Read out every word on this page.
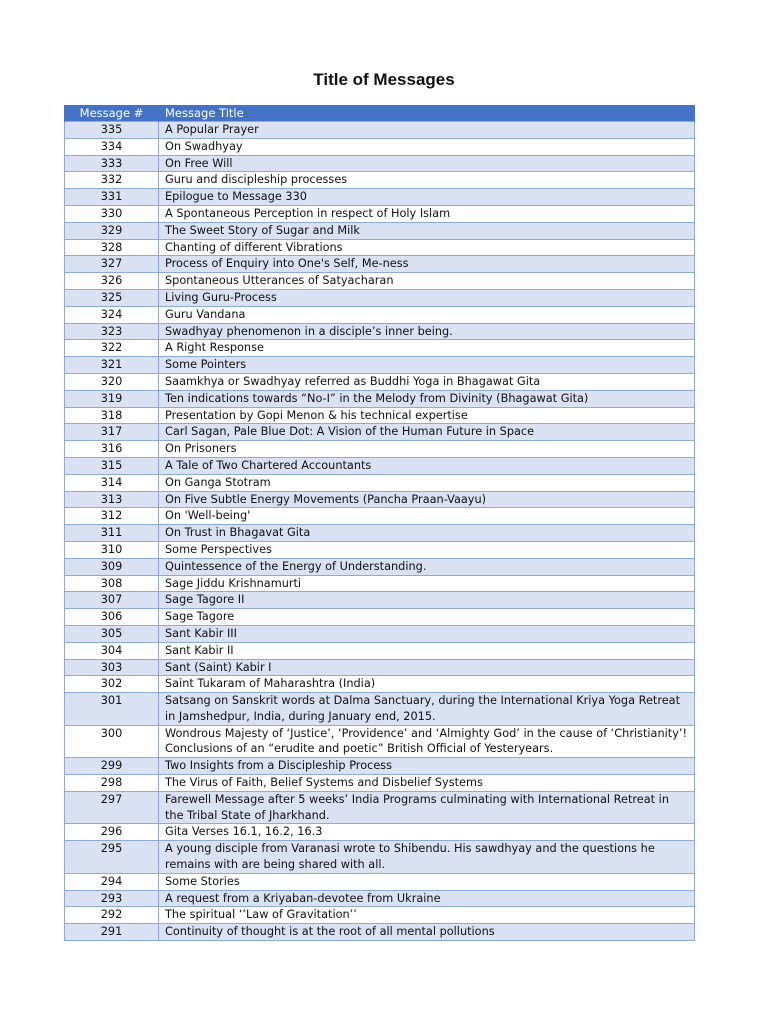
Title of Messages
Message #	Message Title
335	A Popular Prayer
334	On Swadhyay
333	On Free Will
332	Guru and discipleship processes
331	Epilogue to Message 330
330	A Spontaneous Perception in respect of Holy Islam
329	The Sweet Story of Sugar and Milk
328	Chanting of different Vibrations
327	Process of Enquiry into One's Self, Me-ness
326	Spontaneous Utterances of Satyacharan
325	Living Guru-Process
324	Guru Vandana
323	Swadhyay phenomenon in a disciple’s inner being.
322	A Right Response
321	Some Pointers
320	Saamkhya or Swadhyay referred as Buddhi Yoga in Bhagawat Gita
319	Ten indications towards “No-I” in the Melody from Divinity (Bhagawat Gita)
318	Presentation by Gopi Menon & his technical expertise
317	Carl Sagan, Pale Blue Dot: A Vision of the Human Future in Space
316	On Prisoners
315	A Tale of Two Chartered Accountants
314	On Ganga Stotram
313	On Five Subtle Energy Movements (Pancha Praan-Vaayu)
312	On 'Well-being'
311	On Trust in Bhagavat Gita
310	Some Perspectives
309	Quintessence of the Energy of Understanding.
308	Sage Jiddu Krishnamurti
307	Sage Tagore II
306	Sage Tagore
305	Sant Kabir III
304	Sant Kabir II
303	Sant (Saint) Kabir I
302	Saint Tukaram of Maharashtra (India)
301	Satsang on Sanskrit words at Dalma Sanctuary, during the International Kriya Yoga Retreat in Jamshedpur, India, during January end, 2015.
300	Wondrous Majesty of ‘Justice’, ‘Providence’ and ‘Almighty God’ in the cause of ‘Christianity’! Conclusions of an “erudite and poetic” British Official of Yesteryears.
299	Two Insights from a Discipleship Process
298	The Virus of Faith, Belief Systems and Disbelief Systems
297	Farewell Message after 5 weeks’ India Programs culminating with International Retreat in the Tribal State of Jharkhand.
296	Gita Verses 16.1, 16.2, 16.3
295	A young disciple from Varanasi wrote to Shibendu. His sawdhyay and the questions he remains with are being shared with all.
294	Some Stories
293	A request from a Kriyaban-devotee from Ukraine
292	The spiritual ‘’Law of Gravitation’’
291	Continuity of thought is at the root of all mental pollutions
